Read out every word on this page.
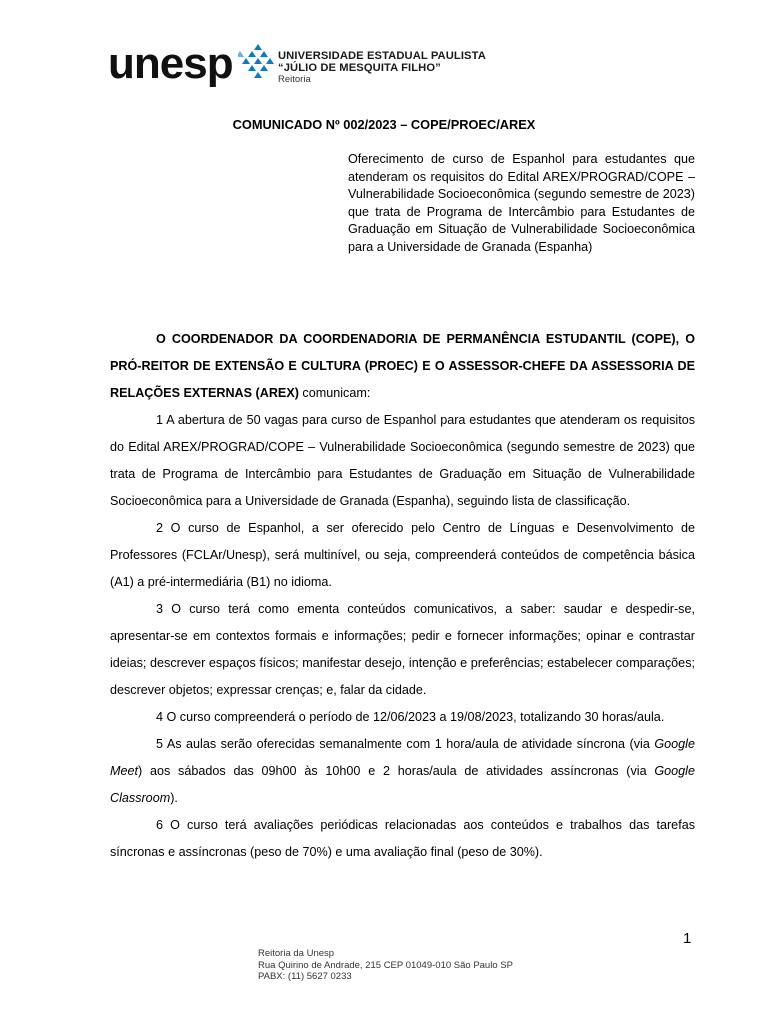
unesp	UNIVERSIDADE ESTADUAL PAULISTA
“JÚLIO DE MESQUITA FILHO”
Reitoria
COMUNICADO Nº 002/2023 – COPE/PROEC/AREX
Oferecimento de curso de Espanhol para estudantes que atenderam os requisitos do Edital AREX/PROGRAD/COPE – Vulnerabilidade Socioeconômica (segundo semestre de 2023) que trata de Programa de Intercâmbio para Estudantes de Graduação em Situação de Vulnerabilidade Socioeconômica para a Universidade de Granada (Espanha)

O COORDENADOR DA COORDENADORIA DE PERMANÊNCIA ESTUDANTIL (COPE), O PRÓ-REITOR DE EXTENSÃO E CULTURA (PROEC) E O ASSESSOR-CHEFE DA ASSESSORIA DE RELAÇÕES EXTERNAS (AREX) comunicam:

1 A abertura de 50 vagas para curso de Espanhol para estudantes que atenderam os requisitos do Edital AREX/PROGRAD/COPE – Vulnerabilidade Socioeconômica (segundo semestre de 2023) que trata de Programa de Intercâmbio para Estudantes de Graduação em Situação de Vulnerabilidade Socioeconômica para a Universidade de Granada (Espanha), seguindo lista de classificação.

2 O curso de Espanhol, a ser oferecido pelo Centro de Línguas e Desenvolvimento de Professores (FCLAr/Unesp), será multinível, ou seja, compreenderá conteúdos de competência básica (A1) a pré-intermediária (B1) no idioma.

3 O curso terá como ementa conteúdos comunicativos, a saber: saudar e despedir-se, apresentar-se em contextos formais e informações; pedir e fornecer informações; opinar e contrastar ideias; descrever espaços físicos; manifestar desejo, intenção e preferências; estabelecer comparações; descrever objetos; expressar crenças; e, falar da cidade.

4 O curso compreenderá o período de 12/06/2023 a 19/08/2023, totalizando 30 horas/aula.

5 As aulas serão oferecidas semanalmente com 1 hora/aula de atividade síncrona (via Google Meet) aos sábados das 09h00 às 10h00 e 2 horas/aula de atividades assíncronas (via Google Classroom).

6 O curso terá avaliações periódicas relacionadas aos conteúdos e trabalhos das tarefas síncronas e assíncronas (peso de 70%) e uma avaliação final (peso de 30%).

1
Reitoria da Unesp
Rua Quirino de Andrade, 215 CEP 01049-010 São Paulo SP
PABX: (11) 5627 0233
